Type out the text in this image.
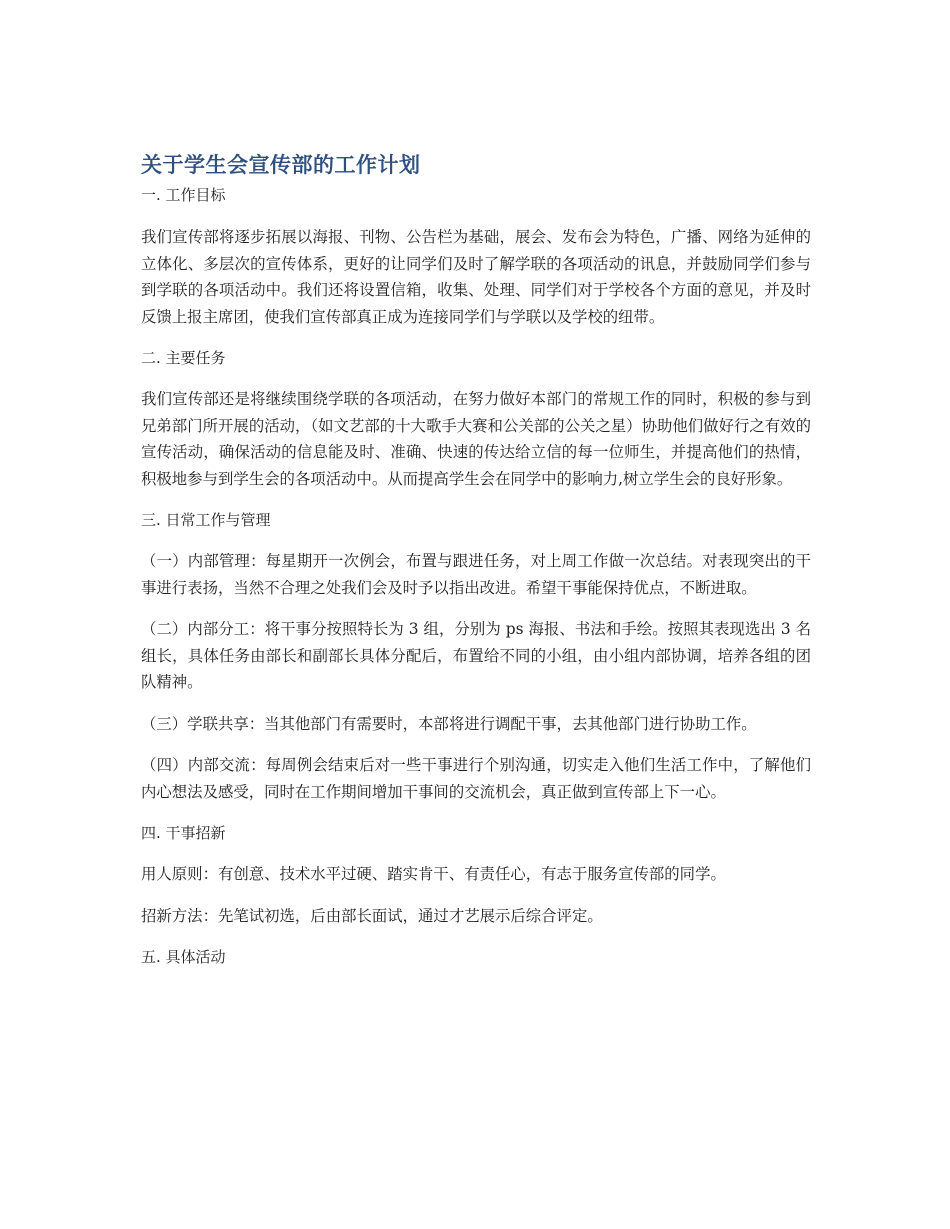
关于学生会宣传部的工作计划

一. 工作目标

我们宣传部将逐步拓展以海报、刊物、公告栏为基础，展会、发布会为特色，广播、网络为延伸的立体化、多层次的宣传体系，更好的让同学们及时了解学联的各项活动的讯息，并鼓励同学们参与到学联的各项活动中。我们还将设置信箱，收集、处理、同学们对于学校各个方面的意见，并及时反馈上报主席团，使我们宣传部真正成为连接同学们与学联以及学校的纽带。

二. 主要任务

我们宣传部还是将继续围绕学联的各项活动，在努力做好本部门的常规工作的同时，积极的参与到兄弟部门所开展的活动，（如文艺部的十大歌手大赛和公关部的公关之星）协助他们做好行之有效的宣传活动，确保活动的信息能及时、准确、快速的传达给立信的每一位师生，并提高他们的热情，积极地参与到学生会的各项活动中。从而提高学生会在同学中的影响力,树立学生会的良好形象。

三. 日常工作与管理

（一）内部管理：每星期开一次例会，布置与跟进任务，对上周工作做一次总结。对表现突出的干事进行表扬，当然不合理之处我们会及时予以指出改进。希望干事能保持优点，不断进取。

（二）内部分工：将干事分按照特长为 3 组，分别为 ps 海报、书法和手绘。按照其表现选出 3 名组长，具体任务由部长和副部长具体分配后，布置给不同的小组，由小组内部协调，培养各组的团队精神。

（三）学联共享：当其他部门有需要时，本部将进行调配干事，去其他部门进行协助工作。

（四）内部交流：每周例会结束后对一些干事进行个别沟通，切实走入他们生活工作中，了解他们内心想法及感受，同时在工作期间增加干事间的交流机会，真正做到宣传部上下一心。

四. 干事招新

用人原则：有创意、技术水平过硬、踏实肯干、有责任心，有志于服务宣传部的同学。

招新方法：先笔试初选，后由部长面试，通过才艺展示后综合评定。

五. 具体活动
